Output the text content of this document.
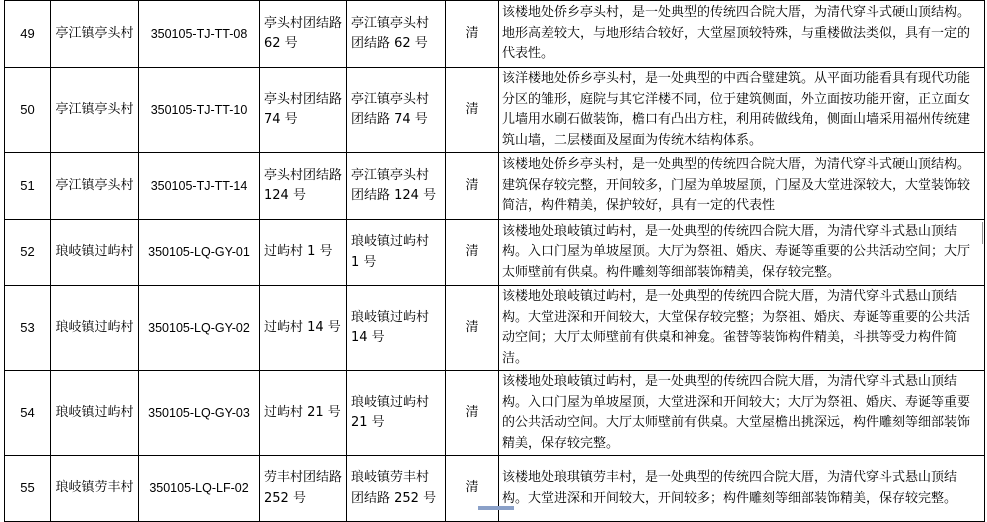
49	亭江镇亭头村	350105-TJ-TT-08	亭头村团结路 62 号	亭江镇亭头村团结路 62 号	清	该楼地处侨乡亭头村，是一处典型的传统四合院大厝，为清代穿斗式硬山顶结构。地形高差较大，与地形结合较好，大堂屋顶较特殊，与重楼做法类似，具有一定的代表性。
50	亭江镇亭头村	350105-TJ-TT-10	亭头村团结路 74 号	亭江镇亭头村团结路 74 号	清	该洋楼地处侨乡亭头村，是一处典型的中西合璧建筑。从平面功能看具有现代功能分区的雏形，庭院与其它洋楼不同，位于建筑侧面，外立面按功能开窗，正立面女儿墙用水刷石做装饰，檐口有凸出方柱，利用砖做线角，侧面山墙采用福州传统建筑山墙，二层楼面及屋面为传统木结构体系。
51	亭江镇亭头村	350105-TJ-TT-14	亭头村团结路 124 号	亭江镇亭头村团结路 124 号	清	该楼地处侨乡亭头村，是一处典型的传统四合院大厝，为清代穿斗式硬山顶结构。建筑保存较完整，开间较多，门屋为单坡屋顶，门屋及大堂进深较大，大堂装饰较简洁，构件精美，保护较好，具有一定的代表性
52	琅岐镇过屿村	350105-LQ-GY-01	过屿村 1 号	琅岐镇过屿村 1 号	清	该楼地处琅岐镇过屿村，是一处典型的传统四合院大厝，为清代穿斗式悬山顶结构。入口门屋为单坡屋顶。大厅为祭祖、婚庆、寿诞等重要的公共活动空间；大厅太师壁前有供桌。构件雕刻等细部装饰精美，保存较完整。
53	琅岐镇过屿村	350105-LQ-GY-02	过屿村 14 号	琅岐镇过屿村 14 号	清	该楼地处琅岐镇过屿村，是一处典型的传统四合院大厝，为清代穿斗式悬山顶结构。大堂进深和开间较大，大堂保存较完整；为祭祖、婚庆、寿诞等重要的公共活动空间；大厅太师壁前有供桌和神龛。雀替等装饰构件精美，斗拱等受力构件简洁。
54	琅岐镇过屿村	350105-LQ-GY-03	过屿村 21 号	琅岐镇过屿村 21 号	清	该楼地处琅岐镇过屿村，是一处典型的传统四合院大厝，为清代穿斗式悬山顶结构。入口门屋为单坡屋顶，大堂进深和开间较大；大厅为祭祖、婚庆、寿诞等重要的公共活动空间。大厅太师壁前有供桌。大堂屋檐出挑深远，构件雕刻等细部装饰精美，保存较完整。
55	琅岐镇劳丰村	350105-LQ-LF-02	劳丰村团结路 252 号	琅岐镇劳丰村团结路 252 号	清	该楼地处琅琪镇劳丰村，是一处典型的传统四合院大厝，为清代穿斗式悬山顶结构。大堂进深和开间较大，开间较多；构件雕刻等细部装饰精美，保存较完整。
